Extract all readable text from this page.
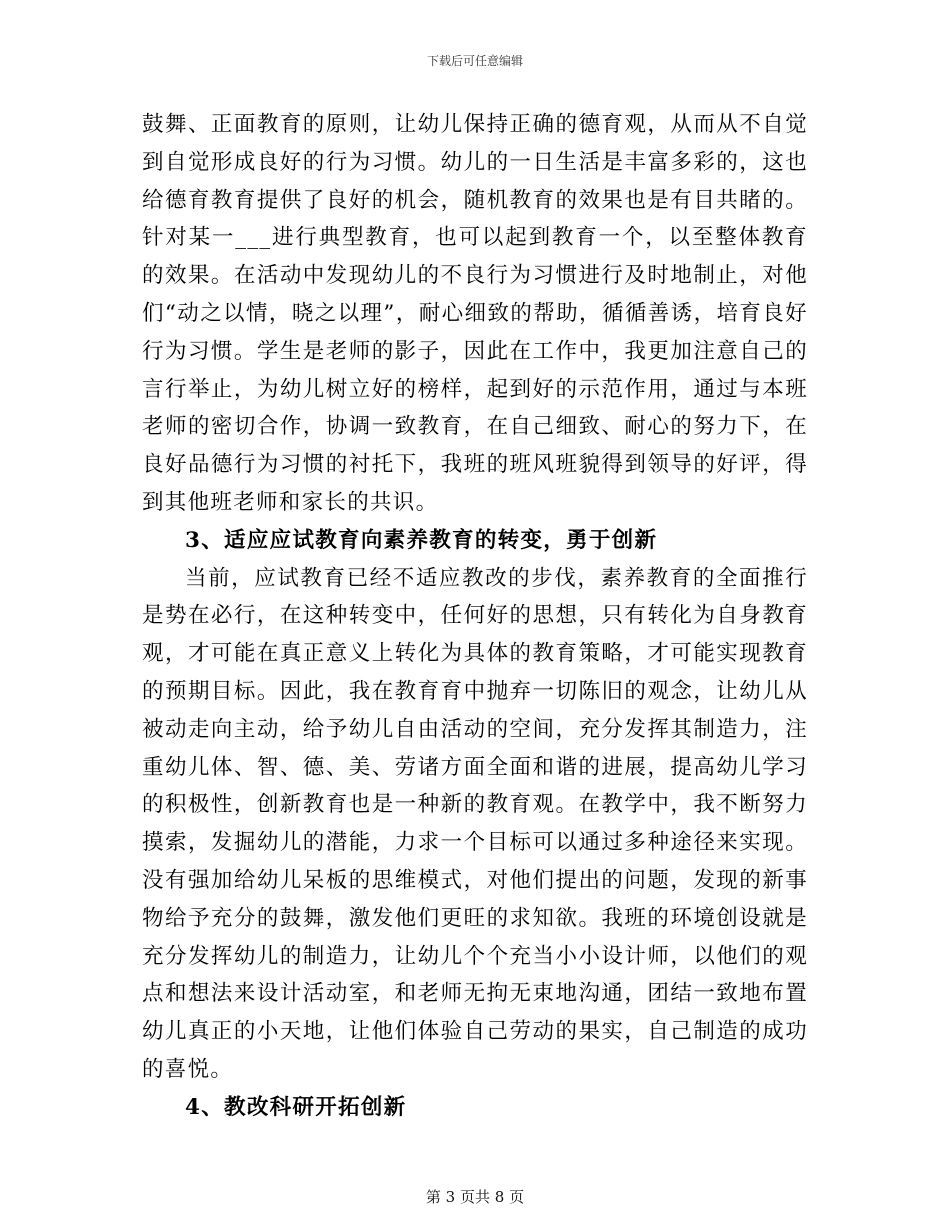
下载后可任意编辑

鼓舞、正面教育的原则，让幼儿保持正确的德育观，从而从不自觉到自觉形成良好的行为习惯。幼儿的一日生活是丰富多彩的，这也给德育教育提供了良好的机会，随机教育的效果也是有目共睹的。针对某一___进行典型教育，也可以起到教育一个，以至整体教育的效果。在活动中发现幼儿的不良行为习惯进行及时地制止，对他们“动之以情，晓之以理”，耐心细致的帮助，循循善诱，培育良好行为习惯。学生是老师的影子，因此在工作中，我更加注意自己的言行举止，为幼儿树立好的榜样，起到好的示范作用，通过与本班老师的密切合作，协调一致教育，在自己细致、耐心的努力下，在良好品德行为习惯的衬托下，我班的班风班貌得到领导的好评，得到其他班老师和家长的共识。

3、适应应试教育向素养教育的转变，勇于创新

当前，应试教育已经不适应教改的步伐，素养教育的全面推行是势在必行，在这种转变中，任何好的思想，只有转化为自身教育观，才可能在真正意义上转化为具体的教育策略，才可能实现教育的预期目标。因此，我在教育育中抛弃一切陈旧的观念，让幼儿从被动走向主动，给予幼儿自由活动的空间，充分发挥其制造力，注重幼儿体、智、德、美、劳诸方面全面和谐的进展，提高幼儿学习的积极性，创新教育也是一种新的教育观。在教学中，我不断努力摸索，发掘幼儿的潜能，力求一个目标可以通过多种途径来实现。没有强加给幼儿呆板的思维模式，对他们提出的问题，发现的新事物给予充分的鼓舞，激发他们更旺的求知欲。我班的环境创设就是充分发挥幼儿的制造力，让幼儿个个充当小小设计师，以他们的观点和想法来设计活动室，和老师无拘无束地沟通，团结一致地布置幼儿真正的小天地，让他们体验自己劳动的果实，自己制造的成功的喜悦。

4、教改科研开拓创新

第 3 页共 8 页
